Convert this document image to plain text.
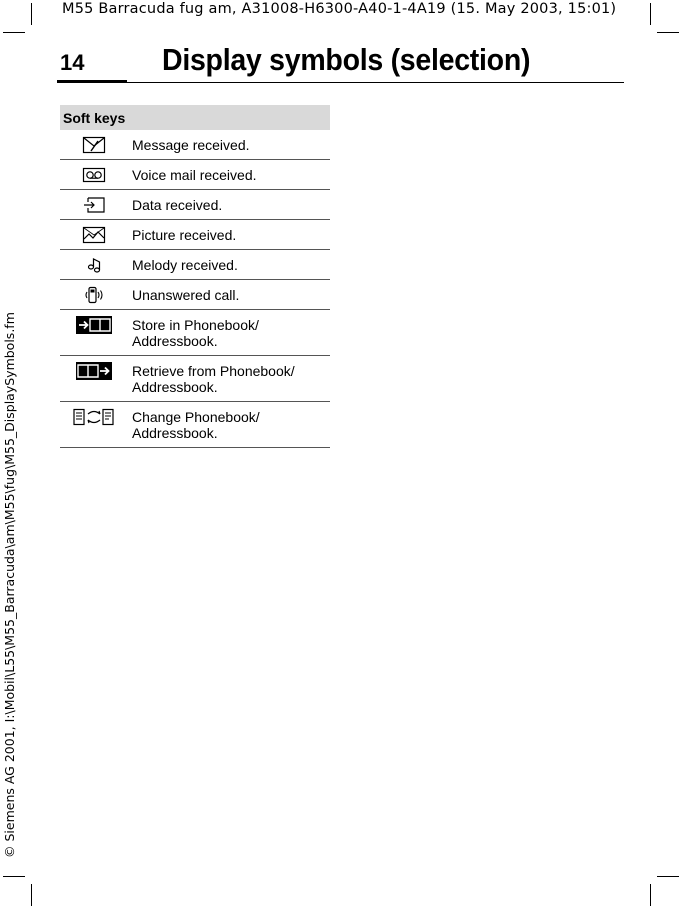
M55 Barracuda fug am, A31008-H6300-A40-1-4A19 (15. May 2003, 15:01)
© Siemens AG 2001, I:\Mobil\L55\M55_Barracuda\am\M55\fug\M55_DisplaySymbols.fm
14	Display symbols (selection)
Soft keys	
	Message received.
	Voice mail received.
	Data received.
	Picture received.
	Melody received.
	Unanswered call.
	Store in Phonebook/
Addressbook.
	Retrieve from Phonebook/
Addressbook.
	Change Phonebook/
Addressbook.
